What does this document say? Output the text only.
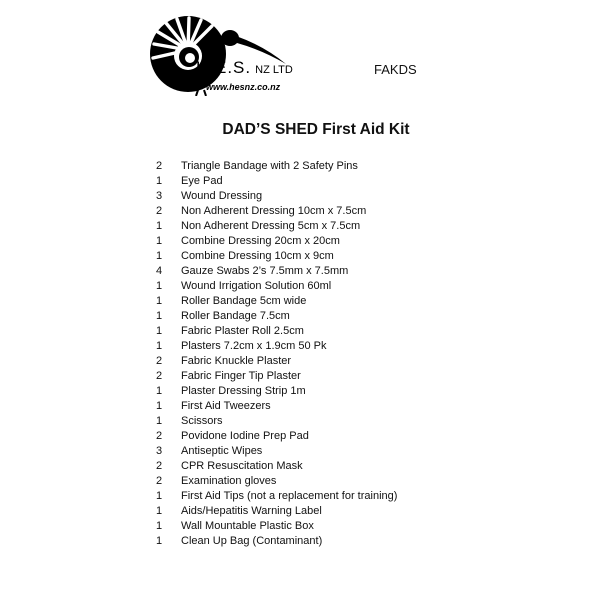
H.E.S. NZ LTD
www.hesnz.co.nz
FAKDS
DAD’S SHED First Aid Kit
2	Triangle Bandage with 2 Safety Pins
1	Eye Pad
3	Wound Dressing
2	Non Adherent Dressing 10cm x 7.5cm
1	Non Adherent Dressing 5cm x 7.5cm
1	Combine Dressing 20cm x 20cm
1	Combine Dressing 10cm x 9cm
4	Gauze Swabs 2’s 7.5mm x 7.5mm
1	Wound Irrigation Solution 60ml
1	Roller Bandage 5cm wide
1	Roller Bandage 7.5cm
1	Fabric Plaster Roll 2.5cm
1	Plasters 7.2cm x 1.9cm 50 Pk
2	Fabric Knuckle Plaster
2	Fabric Finger Tip Plaster
1	Plaster Dressing Strip 1m
1	First Aid Tweezers
1	Scissors
2	Povidone Iodine Prep Pad
3	Antiseptic Wipes
2	CPR Resuscitation Mask
2	Examination gloves
1	First Aid Tips (not a replacement for training)
1	Aids/Hepatitis Warning Label
1	Wall Mountable Plastic Box
1	Clean Up Bag (Contaminant)
